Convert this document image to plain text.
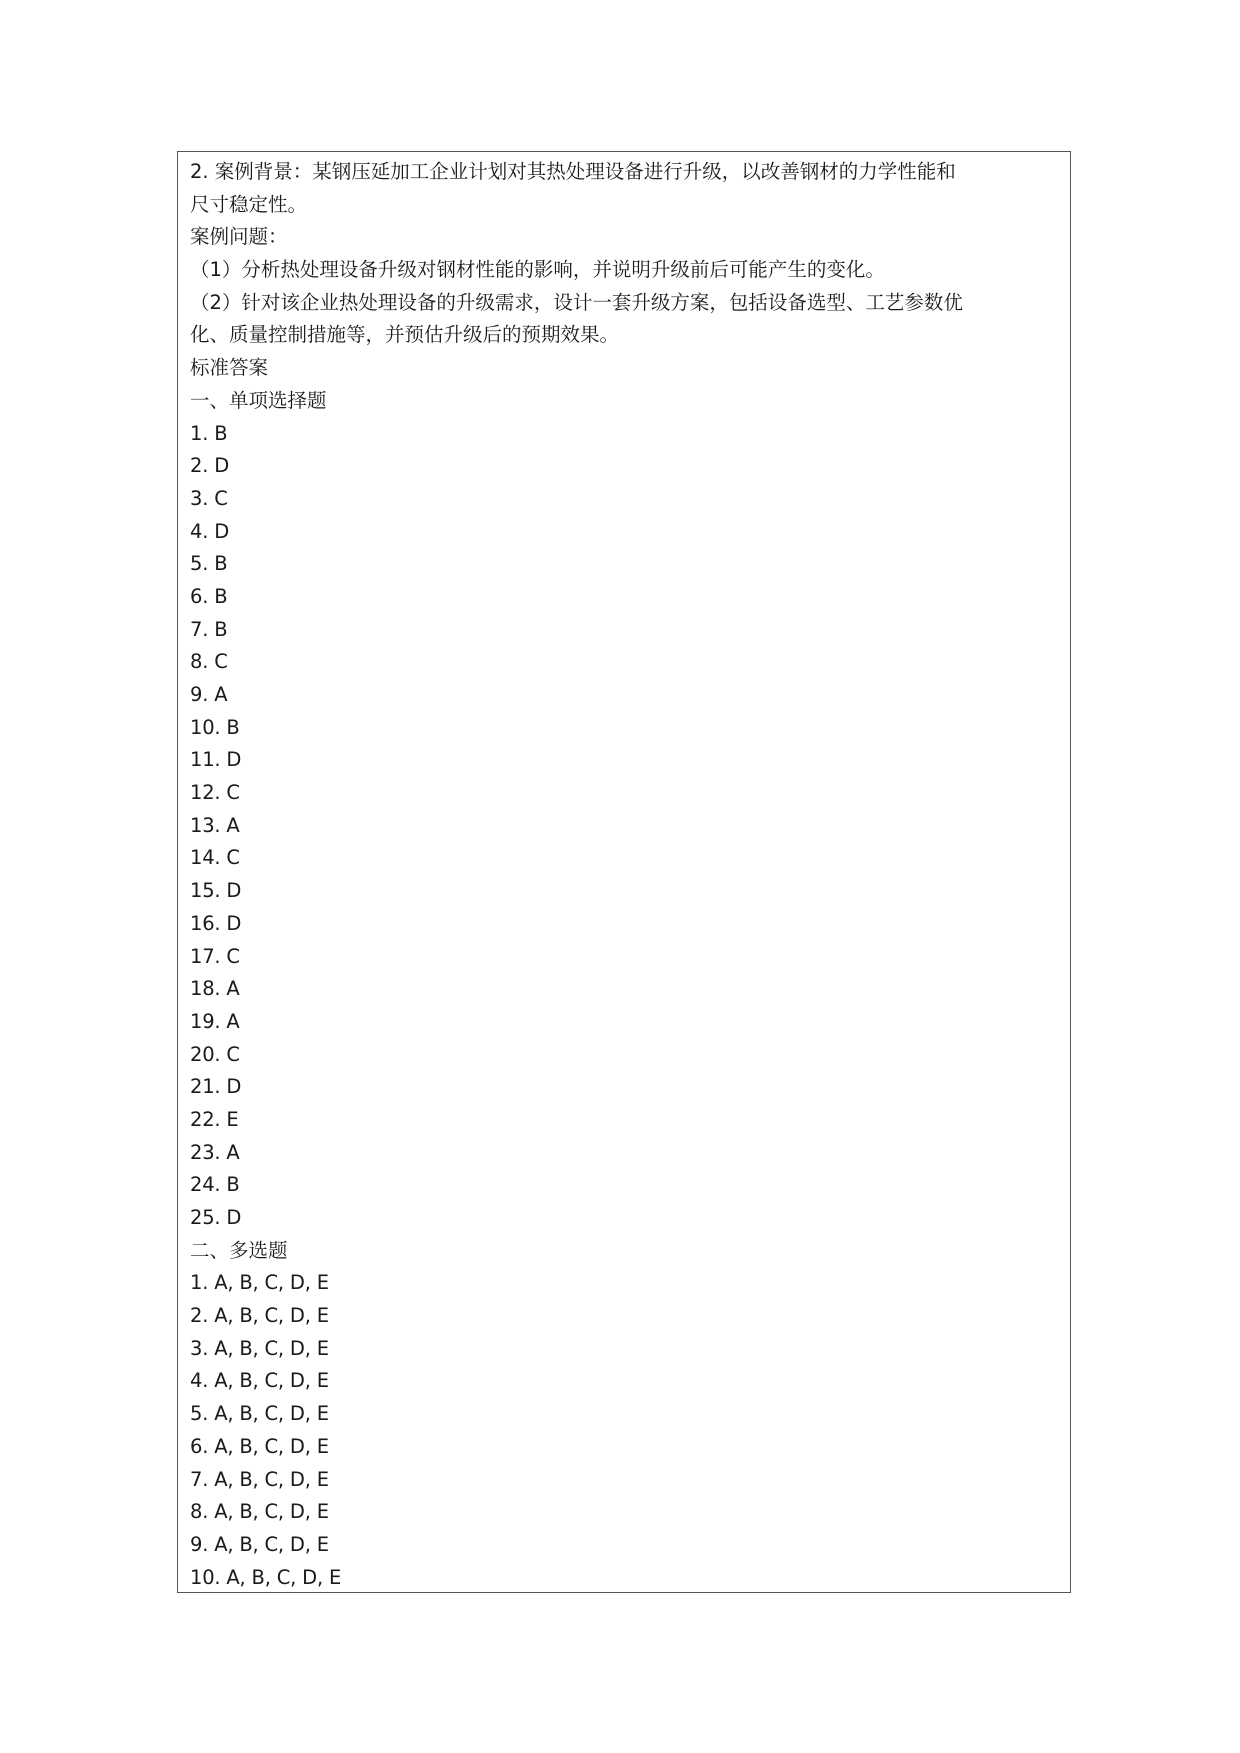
2. 案例背景：某钢压延加工企业计划对其热处理设备进行升级，以改善钢材的力学性能和
尺寸稳定性。
案例问题：
（1）分析热处理设备升级对钢材性能的影响，并说明升级前后可能产生的变化。
（2）针对该企业热处理设备的升级需求，设计一套升级方案，包括设备选型、工艺参数优
化、质量控制措施等，并预估升级后的预期效果。
标准答案
一、单项选择题
1. B
2. D
3. C
4. D
5. B
6. B
7. B
8. C
9. A
10. B
11. D
12. C
13. A
14. C
15. D
16. D
17. C
18. A
19. A
20. C
21. D
22. E
23. A
24. B
25. D
二、多选题
1. A, B, C, D, E
2. A, B, C, D, E
3. A, B, C, D, E
4. A, B, C, D, E
5. A, B, C, D, E
6. A, B, C, D, E
7. A, B, C, D, E
8. A, B, C, D, E
9. A, B, C, D, E
10. A, B, C, D, E
